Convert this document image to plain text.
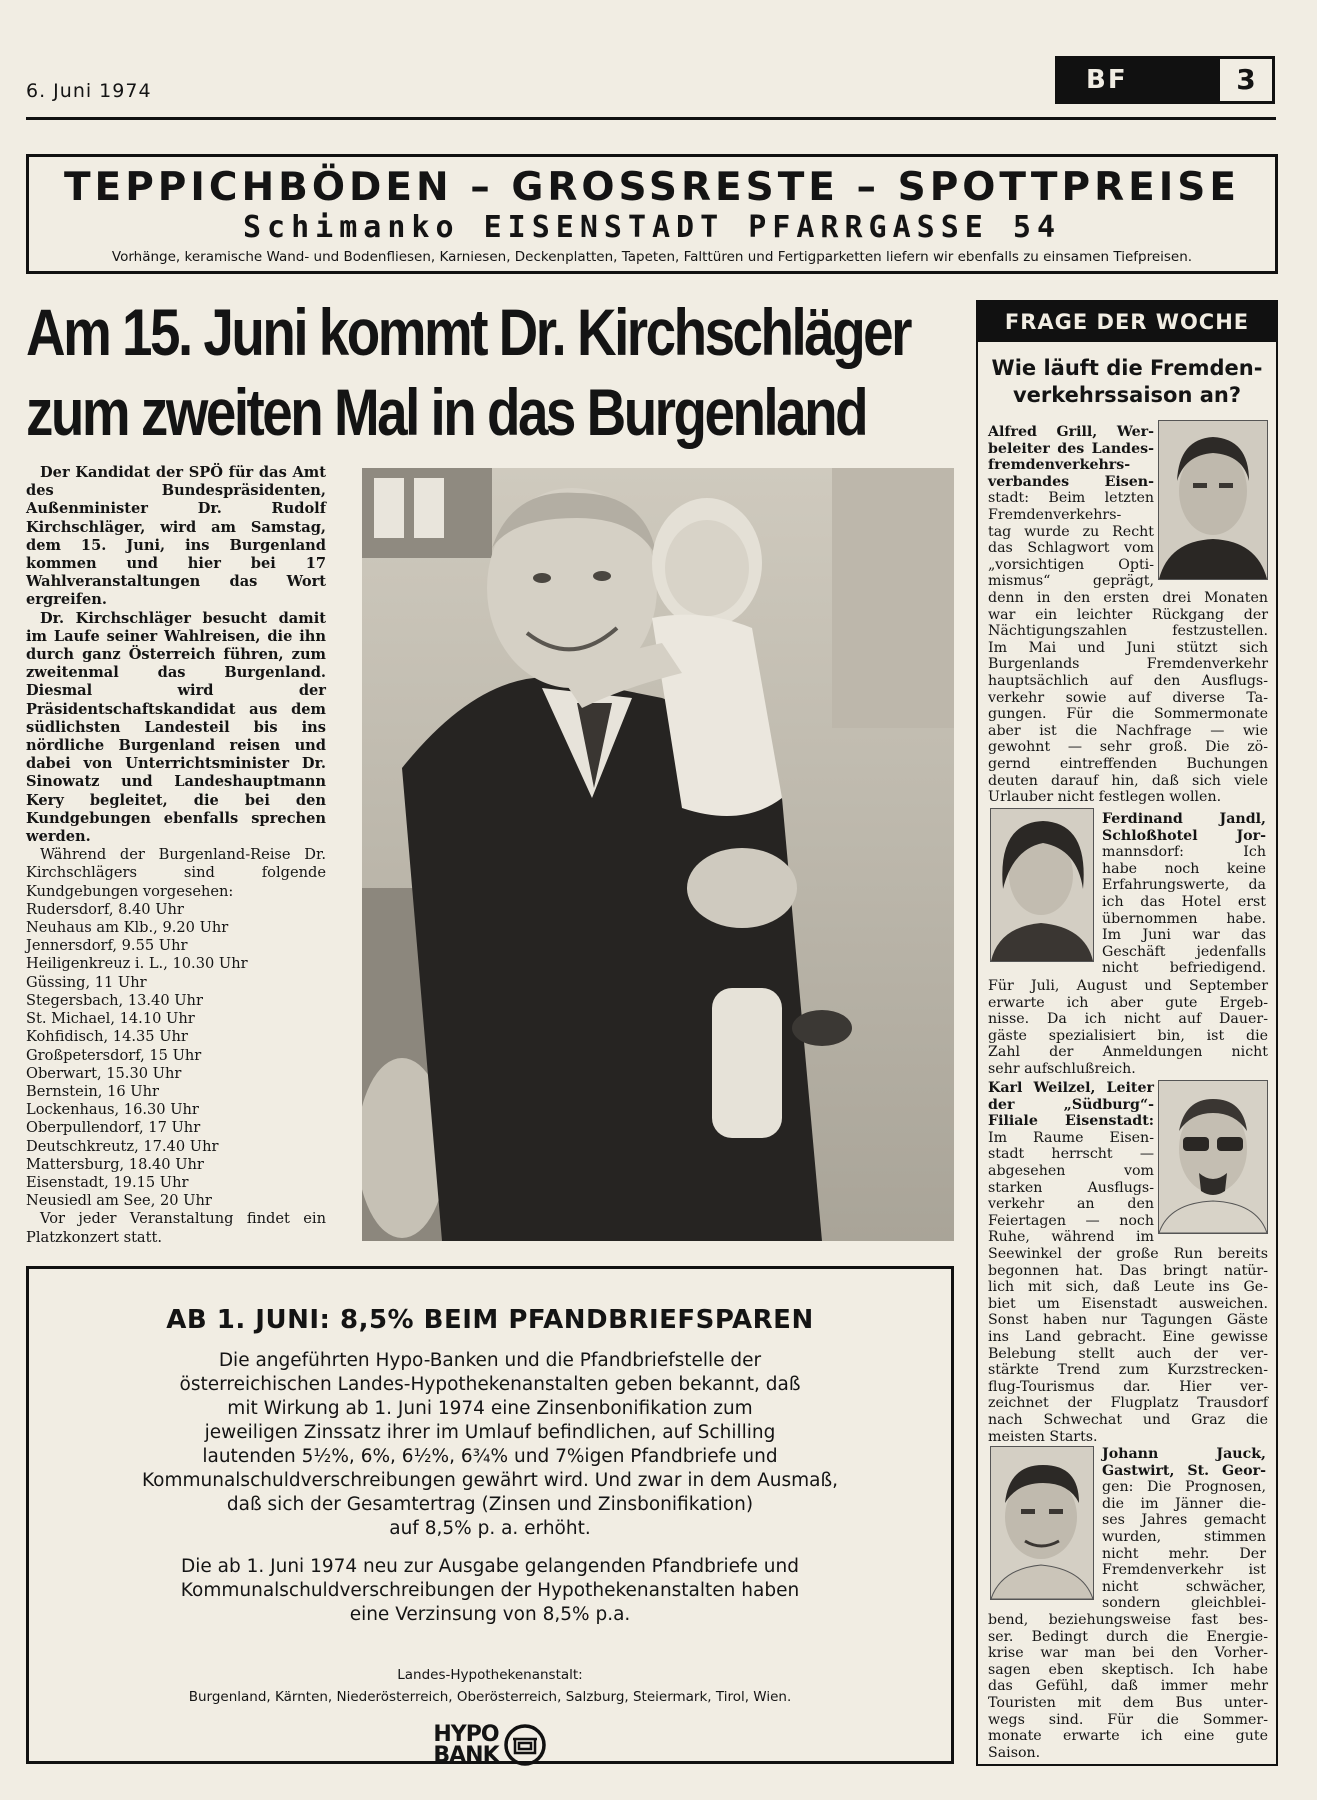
6. Juni 1974	BF	3
TEPPICHBÖDEN – GROSSRESTE – SPOTTPREISE
Schimanko EISENSTADT PFARRGASSE 54
Vorhänge, keramische Wand- und Bodenfliesen, Karniesen, Deckenplatten, Tapeten, Falttüren und Fertigparketten liefern wir ebenfalls zu einsamen Tiefpreisen.
Am 15. Juni kommt Dr. Kirchschläger
zum zweiten Mal in das Burgenland

Der Kandidat der SPÖ für das Amt des Bundespräsidenten, Außenminister Dr. Rudolf Kirchschläger, wird am Samstag, dem 15. Juni, ins Burgenland kommen und hier bei 17 Wahlveranstaltungen das Wort ergreifen.

Dr. Kirchschläger besucht damit im Laufe seiner Wahlreisen, die ihn durch ganz Österreich führen, zum zweitenmal das Burgenland. Diesmal wird der Präsidentschaftskandidat aus dem südlichsten Landesteil bis ins nördliche Burgenland reisen und dabei von Unterrichtsminister Dr. Sinowatz und Landeshauptmann Kery begleitet, die bei den Kundgebungen ebenfalls sprechen werden.

Während der Burgenland-Reise Dr. Kirchschlägers sind folgende Kundgebungen vorgesehen:

Rudersdorf, 8.40 Uhr
Neuhaus am Klb., 9.20 Uhr
Jennersdorf, 9.55 Uhr
Heiligenkreuz i. L., 10.30 Uhr
Güssing, 11 Uhr
Stegersbach, 13.40 Uhr
St. Michael, 14.10 Uhr
Kohfidisch, 14.35 Uhr
Großpetersdorf, 15 Uhr
Oberwart, 15.30 Uhr
Bernstein, 16 Uhr
Lockenhaus, 16.30 Uhr
Oberpullendorf, 17 Uhr
Deutschkreutz, 17.40 Uhr
Mattersburg, 18.40 Uhr
Eisenstadt, 19.15 Uhr
Neusiedl am See, 20 Uhr

Vor jeder Veranstaltung findet ein Platzkonzert statt.

AB 1. JUNI: 8,5% BEIM PFANDBRIEFSPAREN
Die angeführten Hypo-Banken und die Pfandbriefstelle der
österreichischen Landes-Hypothekenanstalten geben bekannt, daß
mit Wirkung ab 1. Juni 1974 eine Zinsenbonifikation zum
jeweiligen Zinssatz ihrer im Umlauf befindlichen, auf Schilling
lautenden 5½%, 6%, 6½%, 6¾% und 7%igen Pfandbriefe und
Kommunalschuldverschreibungen gewährt wird. Und zwar in dem Ausmaß,
daß sich der Gesamtertrag (Zinsen und Zinsbonifikation)
auf 8,5% p. a. erhöht.
Die ab 1. Juni 1974 neu zur Ausgabe gelangenden Pfandbriefe und
Kommunalschuldverschreibungen der Hypothekenanstalten haben
eine Verzinsung von 8,5% p.a.
Landes-Hypothekenanstalt:
Burgenland, Kärnten, Niederösterreich, Oberösterreich, Salzburg, Steiermark, Tirol, Wien.
HYPO
BANK
FRAGE DER WOCHE
Wie läuft die Fremden-
verkehrssaison an?
Alfred Grill, Wer-
beleiter des Landes-
fremdenverkehrs-
verbandes Eisen-
stadt: Beim letzten
Fremdenverkehrs-
tag wurde zu Recht
das Schlagwort vom
„vorsichtigen Opti-
mismus“ geprägt,
denn in den ersten drei Monaten
war ein leichter Rückgang der
Nächtigungszahlen festzustellen.
Im Mai und Juni stützt sich
Burgenlands Fremdenverkehr
hauptsächlich auf den Ausflugs-
verkehr sowie auf diverse Ta-
gungen. Für die Sommermonate
aber ist die Nachfrage — wie
gewohnt — sehr groß. Die zö-
gernd eintreffenden Buchungen
deuten darauf hin, daß sich viele
Urlauber nicht festlegen wollen.
Ferdinand Jandl,
Schloßhotel Jor-
mannsdorf: Ich
habe noch keine
Erfahrungswerte, da
ich das Hotel erst
übernommen habe.
Im Juni war das
Geschäft jedenfalls
nicht befriedigend.
Für Juli, August und September
erwarte ich aber gute Ergeb-
nisse. Da ich nicht auf Dauer-
gäste spezialisiert bin, ist die
Zahl der Anmeldungen nicht
sehr aufschlußreich.
Karl Weilzel, Leiter
der „Südburg“-
Filiale Eisenstadt:
Im Raume Eisen-
stadt herrscht —
abgesehen vom
starken Ausflugs-
verkehr an den
Feiertagen — noch
Ruhe, während im
Seewinkel der große Run bereits
begonnen hat. Das bringt natür-
lich mit sich, daß Leute ins Ge-
biet um Eisenstadt ausweichen.
Sonst haben nur Tagungen Gäste
ins Land gebracht. Eine gewisse
Belebung stellt auch der ver-
stärkte Trend zum Kurzstrecken-
flug-Tourismus dar. Hier ver-
zeichnet der Flugplatz Trausdorf
nach Schwechat und Graz die
meisten Starts.
Johann Jauck,
Gastwirt, St. Geor-
gen: Die Prognosen,
die im Jänner die-
ses Jahres gemacht
wurden, stimmen
nicht mehr. Der
Fremdenverkehr ist
nicht schwächer,
sondern gleichblei-
bend, beziehungsweise fast bes-
ser. Bedingt durch die Energie-
krise war man bei den Vorher-
sagen eben skeptisch. Ich habe
das Gefühl, daß immer mehr
Touristen mit dem Bus unter-
wegs sind. Für die Sommer-
monate erwarte ich eine gute
Saison.
